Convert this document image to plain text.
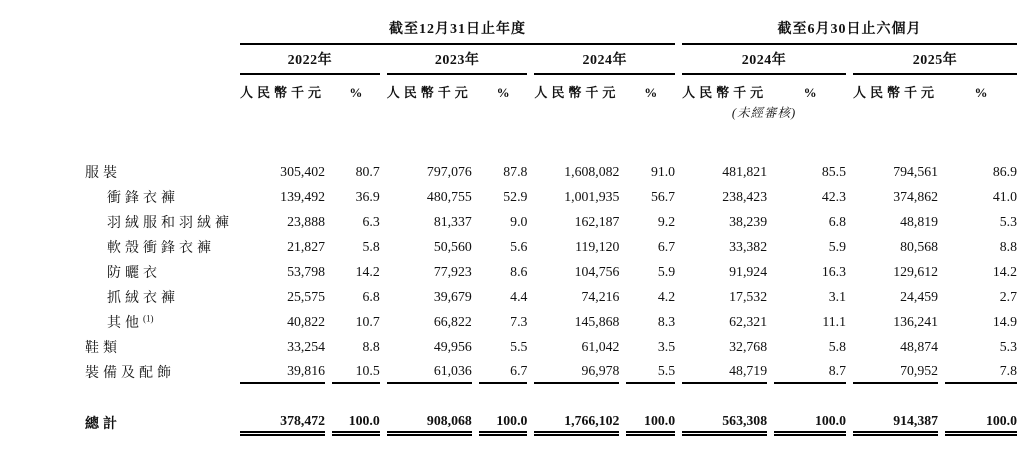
	截至12月31日止年度						截至6月30日止六個月			
	2022年		2023年		2024年		2024年		2025年	
	人民幣千元	%	人民幣千元	%	人民幣千元	%	人民幣千元	%	人民幣千元	%
							(未經審核)			

服裝	305,402	80.7	797,076	87.8	1,608,082	91.0	481,821	85.5	794,561	86.9
衝鋒衣褲	139,492	36.9	480,755	52.9	1,001,935	56.7	238,423	42.3	374,862	41.0
羽絨服和羽絨褲	23,888	6.3	81,337	9.0	162,187	9.2	38,239	6.8	48,819	5.3
軟殼衝鋒衣褲	21,827	5.8	50,560	5.6	119,120	6.7	33,382	5.9	80,568	8.8
防曬衣	53,798	14.2	77,923	8.6	104,756	5.9	91,924	16.3	129,612	14.2
抓絨衣褲	25,575	6.8	39,679	4.4	74,216	4.2	17,532	3.1	24,459	2.7
其他$^{(1)}$	40,822	10.7	66,822	7.3	145,868	8.3	62,321	11.1	136,241	14.9
鞋類	33,254	8.8	49,956	5.5	61,042	3.5	32,768	5.8	48,874	5.3
裝備及配飾	39,816	10.5	61,036	6.7	96,978	5.5	48,719	8.7	70,952	7.8

總計	378,472	100.0	908,068	100.0	1,766,102	100.0	563,308	100.0	914,387	100.0
